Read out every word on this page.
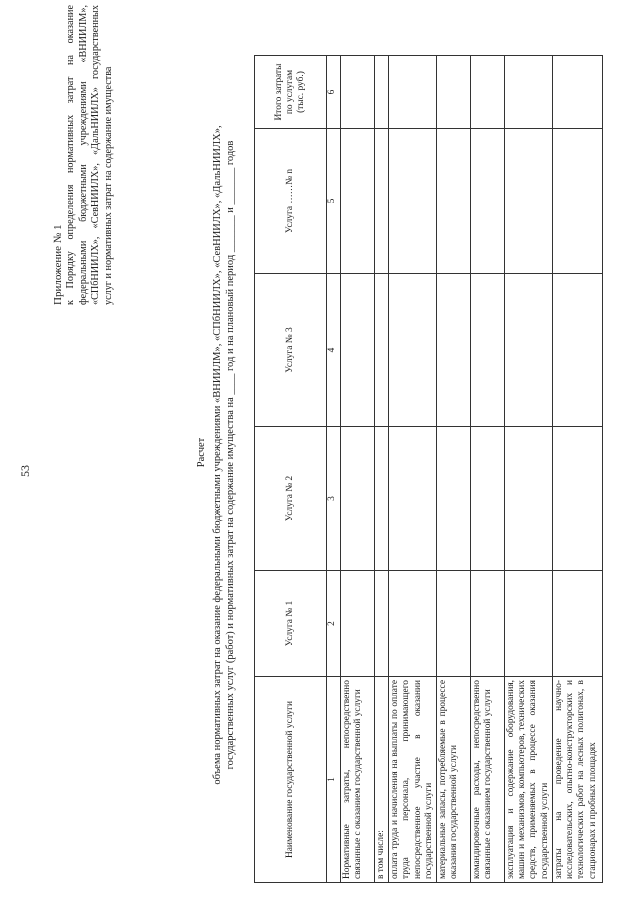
53
Приложение № 1 к Порядку определения нормативных затрат на оказание федеральными бюджетными учреждениями «ВНИИЛМ», «СПбНИИЛХ», «СевНИИЛХ», «ДальНИИЛХ» государственных услуг и нормативных затрат на содержание имущества
Расчет объема нормативных затрат на оказание федеральными бюджетными учреждениями «ВНИИЛМ», «СПбНИИЛХ», «СевНИИЛХ», «ДальНИИЛХ», государственных услуг (работ) и нормативных затрат на содержание имущества на ____ год и на плановый период _______ и _______ годов
Наименование государственной услуги	Услуга № 1	Услуга № 2	Услуга № 3	Услуга ……№ n	Итого затраты по услугам (тыс. руб.)
1	2	3	4	5	6
Нормативные затраты, непосредственно связанные с оказанием государственной услуги					
в том числе:					
оплата труда и начисления на выплаты по оплате труда персонала, принимающего непосредственное участие в оказании государственной услуги					
материальные запасы, потребляемые в процессе оказания государственной услуги					
командировочные расходы, непосредственно связанные с оказанием государственной услуги					
эксплуатация и содержание оборудования, машин и механизмов, компьютеров, технических средств, применяемых в процессе оказания государственной услуги					
затраты на проведение научно-исследовательских, опытно-конструкторских и технологических работ на лесных полигонах, в стационарах и пробных площадях					
